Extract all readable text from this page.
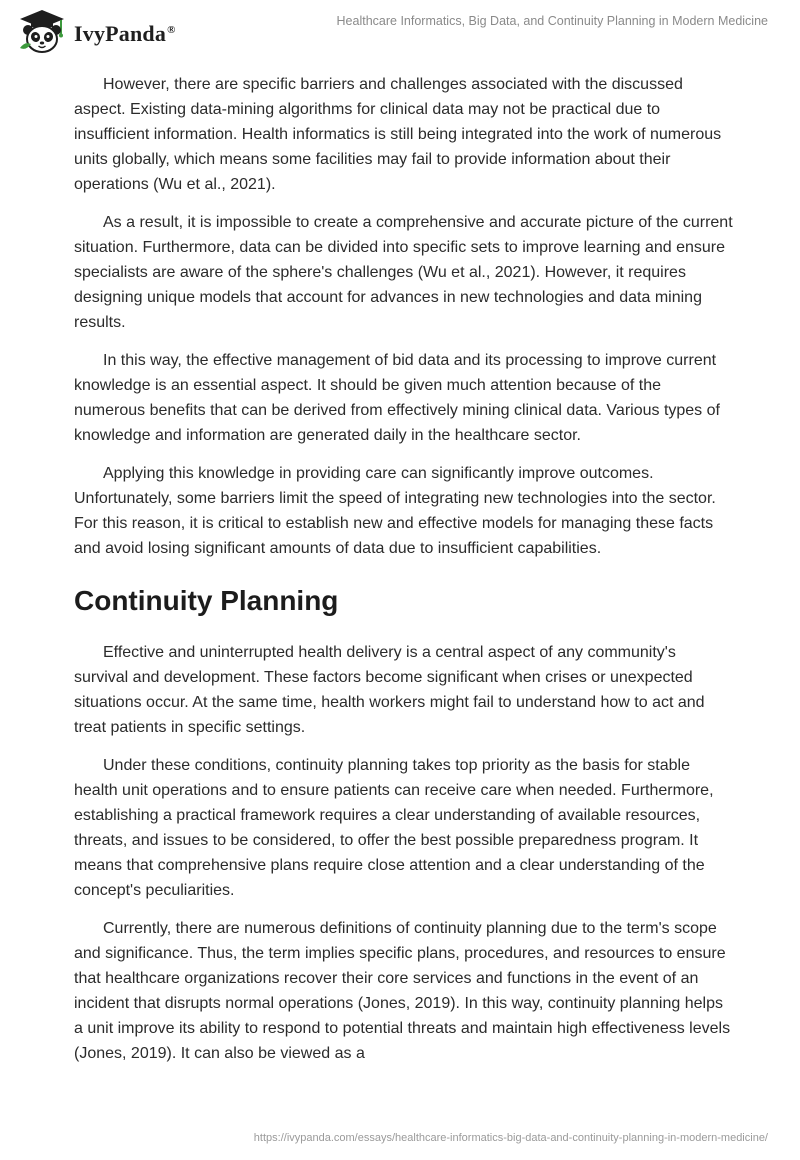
IvyPanda®
Healthcare Informatics, Big Data, and Continuity Planning in Modern Medicine

However, there are specific barriers and challenges associated with the discussed aspect. Existing data-mining algorithms for clinical data may not be practical due to insufficient information. Health informatics is still being integrated into the work of numerous units globally, which means some facilities may fail to provide information about their operations (Wu et al., 2021).

As a result, it is impossible to create a comprehensive and accurate picture of the current situation. Furthermore, data can be divided into specific sets to improve learning and ensure specialists are aware of the sphere's challenges (Wu et al., 2021). However, it requires designing unique models that account for advances in new technologies and data mining results.

In this way, the effective management of bid data and its processing to improve current knowledge is an essential aspect. It should be given much attention because of the numerous benefits that can be derived from effectively mining clinical data. Various types of knowledge and information are generated daily in the healthcare sector.

Applying this knowledge in providing care can significantly improve outcomes. Unfortunately, some barriers limit the speed of integrating new technologies into the sector. For this reason, it is critical to establish new and effective models for managing these facts and avoid losing significant amounts of data due to insufficient capabilities.

Continuity Planning

Effective and uninterrupted health delivery is a central aspect of any community's survival and development. These factors become significant when crises or unexpected situations occur. At the same time, health workers might fail to understand how to act and treat patients in specific settings.

Under these conditions, continuity planning takes top priority as the basis for stable health unit operations and to ensure patients can receive care when needed. Furthermore, establishing a practical framework requires a clear understanding of available resources, threats, and issues to be considered, to offer the best possible preparedness program. It means that comprehensive plans require close attention and a clear understanding of the concept's peculiarities.

Currently, there are numerous definitions of continuity planning due to the term's scope and significance. Thus, the term implies specific plans, procedures, and resources to ensure that healthcare organizations recover their core services and functions in the event of an incident that disrupts normal operations (Jones, 2019). In this way, continuity planning helps a unit improve its ability to respond to potential threats and maintain high effectiveness levels (Jones, 2019). It can also be viewed as a

https://ivypanda.com/essays/healthcare-informatics-big-data-and-continuity-planning-in-modern-medicine/
